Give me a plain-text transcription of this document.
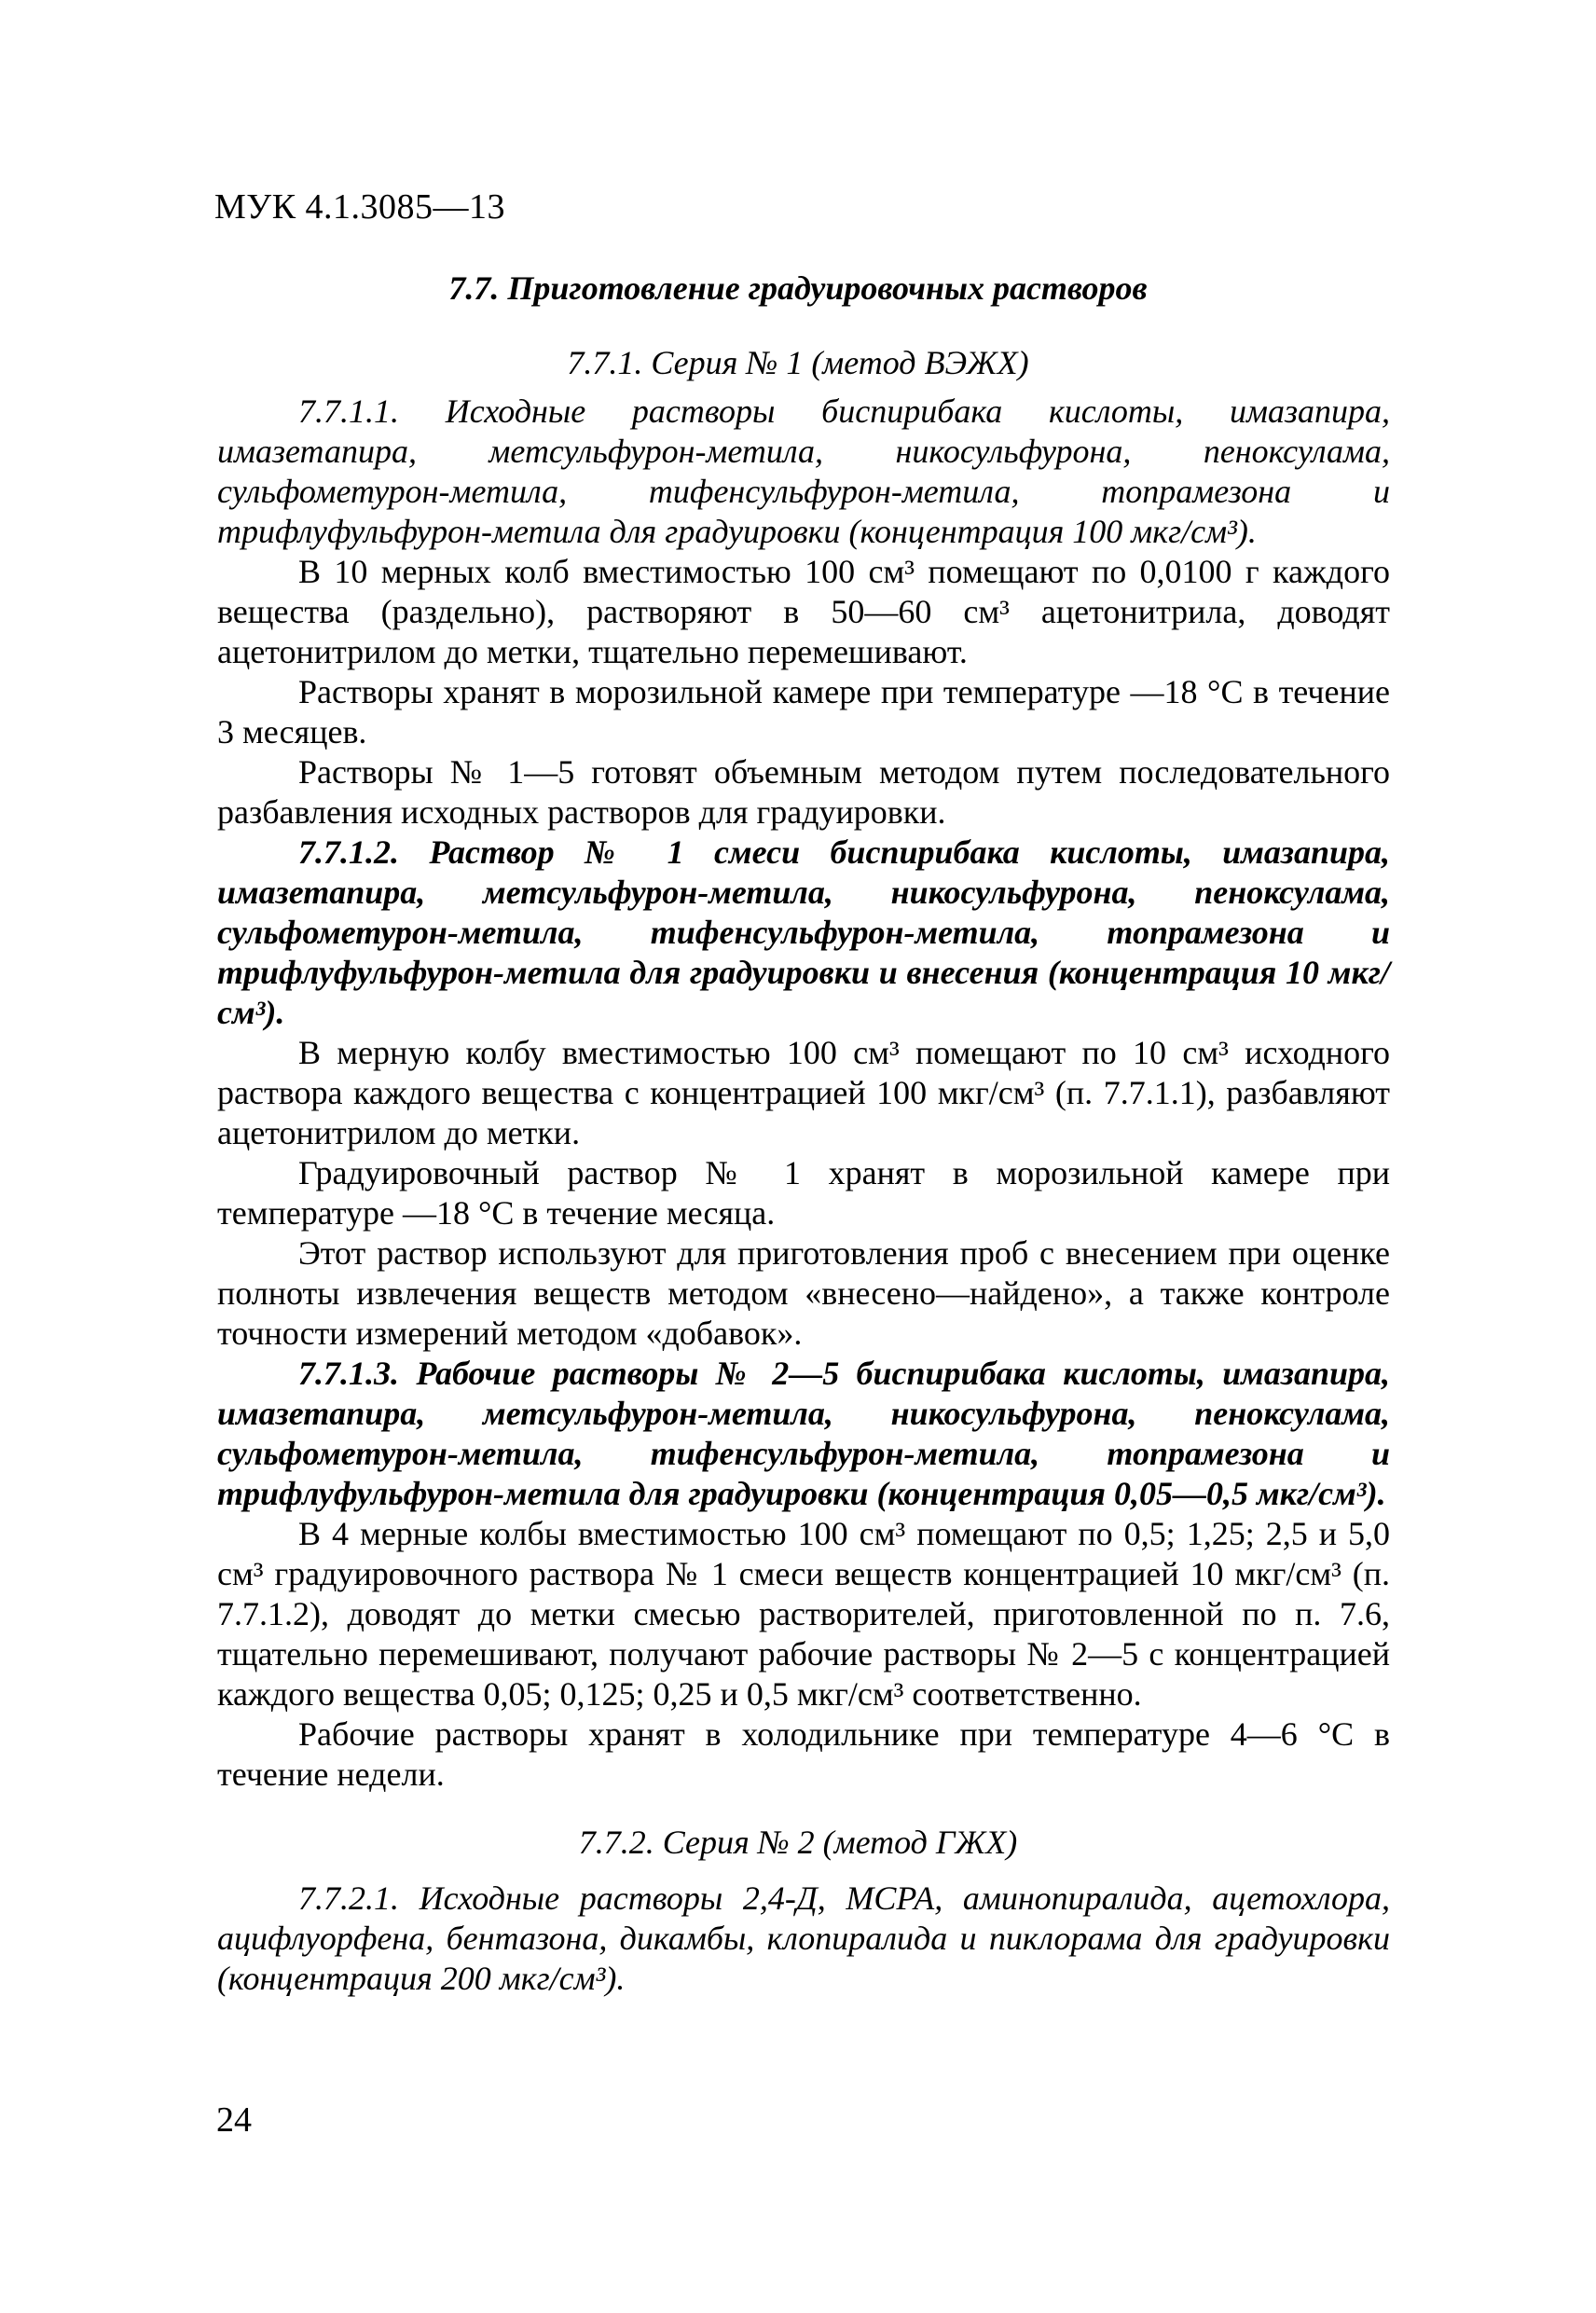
МУК 4.1.3085—13
7.7. Приготовление градуировочных растворов
7.7.1. Серия № 1 (метод ВЭЖХ)

7.7.1.1. Исходные растворы биспирибака кислоты, имазапира, имазетапира, метсульфурон-метила, никосульфурона, пеноксулама, сульфометурон-метила, тифенсульфурон-метила, топрамезона и трифлуфульфурон-метила для градуировки (концентрация 100 мкг/см³).

В 10 мерных колб вместимостью 100 см³ помещают по 0,0100 г каждого вещества (раздельно), растворяют в 50—60 см³ ацетонитрила, доводят ацетонитрилом до метки, тщательно перемешивают.

Растворы хранят в морозильной камере при температуре —18 °С в течение 3 месяцев.

Растворы № 1—5 готовят объемным методом путем последовательного разбавления исходных растворов для градуировки.

7.7.1.2. Раствор № 1 смеси биспирибака кислоты, имазапира, имазетапира, метсульфурон-метила, никосульфурона, пеноксулама, сульфометурон-метила, тифенсульфурон-метила, топрамезона и трифлуфульфурон-метила для градуировки и внесения (концентрация 10 мкг/см³).

В мерную колбу вместимостью 100 см³ помещают по 10 см³ исходного раствора каждого вещества с концентрацией 100 мкг/см³ (п. 7.7.1.1), разбавляют ацетонитрилом до метки.

Градуировочный раствор № 1 хранят в морозильной камере при температуре —18 °С в течение месяца.

Этот раствор используют для приготовления проб с внесением при оценке полноты извлечения веществ методом «внесено—найдено», а также контроле точности измерений методом «добавок».

7.7.1.3. Рабочие растворы № 2—5 биспирибака кислоты, имазапира, имазетапира, метсульфурон-метила, никосульфурона, пеноксулама, сульфометурон-метила, тифенсульфурон-метила, топрамезона и трифлуфульфурон-метила для градуировки (концентрация 0,05—0,5 мкг/см³).

В 4 мерные колбы вместимостью 100 см³ помещают по 0,5; 1,25; 2,5 и 5,0 см³ градуировочного раствора № 1 смеси веществ концентрацией 10 мкг/см³ (п. 7.7.1.2), доводят до метки смесью растворителей, приготовленной по п. 7.6, тщательно перемешивают, получают рабочие растворы № 2—5 с концентрацией каждого вещества 0,05; 0,125; 0,25 и 0,5 мкг/см³ соответственно.

Рабочие растворы хранят в холодильнике при температуре 4—6 °С в течение недели.

7.7.2. Серия № 2 (метод ГЖХ)

7.7.2.1. Исходные растворы 2,4-Д, МСРА, аминопиралида, ацетохлора, ацифлуорфена, бентазона, дикамбы, клопиралида и пиклорама для градуировки (концентрация 200 мкг/см³).

24
